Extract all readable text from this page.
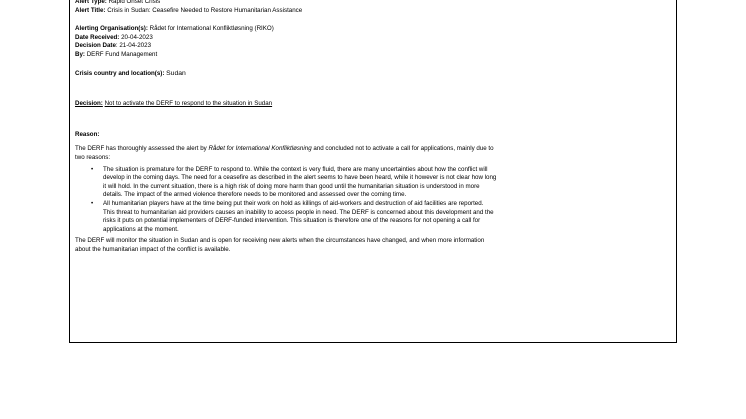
Alert Type: Rapid Onset Crisis
Alert Title: Crisis in Sudan: Ceasefire Needed to Restore Humanitarian Assistance
Alerting Organisation(s): Rådet for International Konfliktløsning (RIKO)
Date Received: 20-04-2023
Decision Date: 21-04-2023
By: DERF Fund Management
Crisis country and location(s): Sudan
Decision: Not to activate the DERF to respond to the situation in Sudan
Reason:
The DERF has thoroughly assessed the alert by Rådet for International Konfliktløsning and concluded not to activate a call for applications, mainly due to
two reasons:
• The situation is premature for the DERF to respond to. While the context is very fluid, there are many uncertainties about how the conflict will
develop in the coming days. The need for a ceasefire as described in the alert seems to have been heard, while it however is not clear how long
it will hold. In the current situation, there is a high risk of doing more harm than good until the humanitarian situation is understood in more
details. The impact of the armed violence therefore needs to be monitored and assessed over the coming time.
• All humanitarian players have at the time being put their work on hold as killings of aid-workers and destruction of aid facilities are reported.
This threat to humanitarian aid providers causes an inability to access people in need. The DERF is concerned about this development and the
risks it puts on potential implementers of DERF-funded intervention. This situation is therefore one of the reasons for not opening a call for
applications at the moment.
The DERF will monitor the situation in Sudan and is open for receiving new alerts when the circumstances have changed, and when more information
about the humanitarian impact of the conflict is available.
